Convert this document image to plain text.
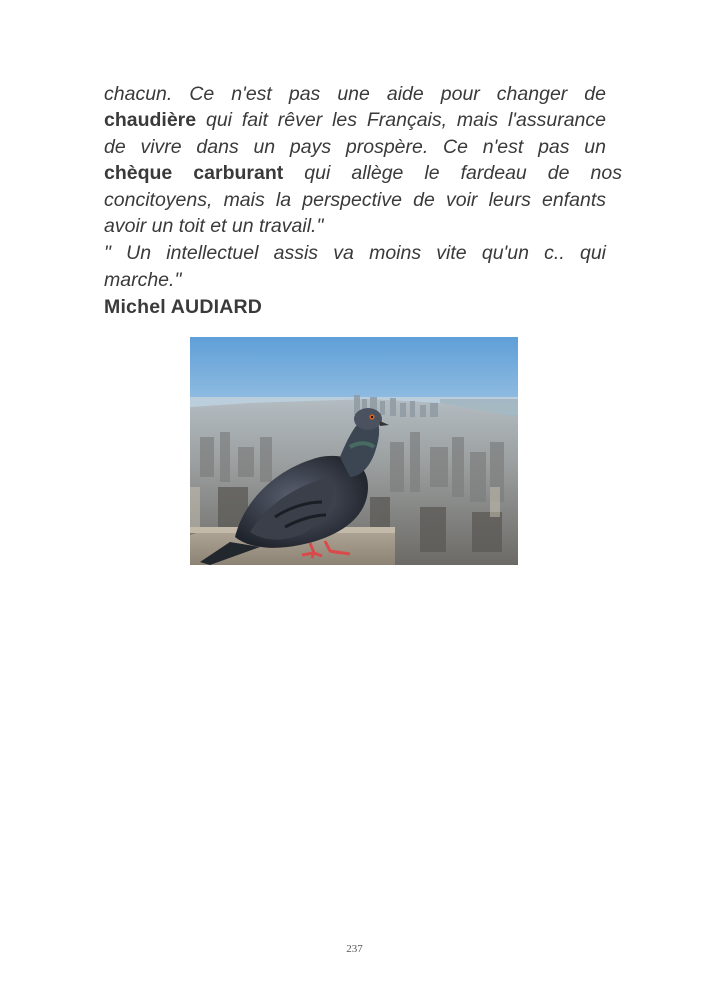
chacun. Ce n'est pas une aide pour changer de
chaudière qui fait rêver les Français, mais l'assurance
de vivre dans un pays prospère. Ce n'est pas un
chèque carburant qui allège le fardeau de nos
concitoyens, mais la perspective de voir leurs enfants
avoir un toit et un travail."
" Un intellectuel assis va moins vite qu'un c.. qui
marche."
Michel AUDIARD
237
